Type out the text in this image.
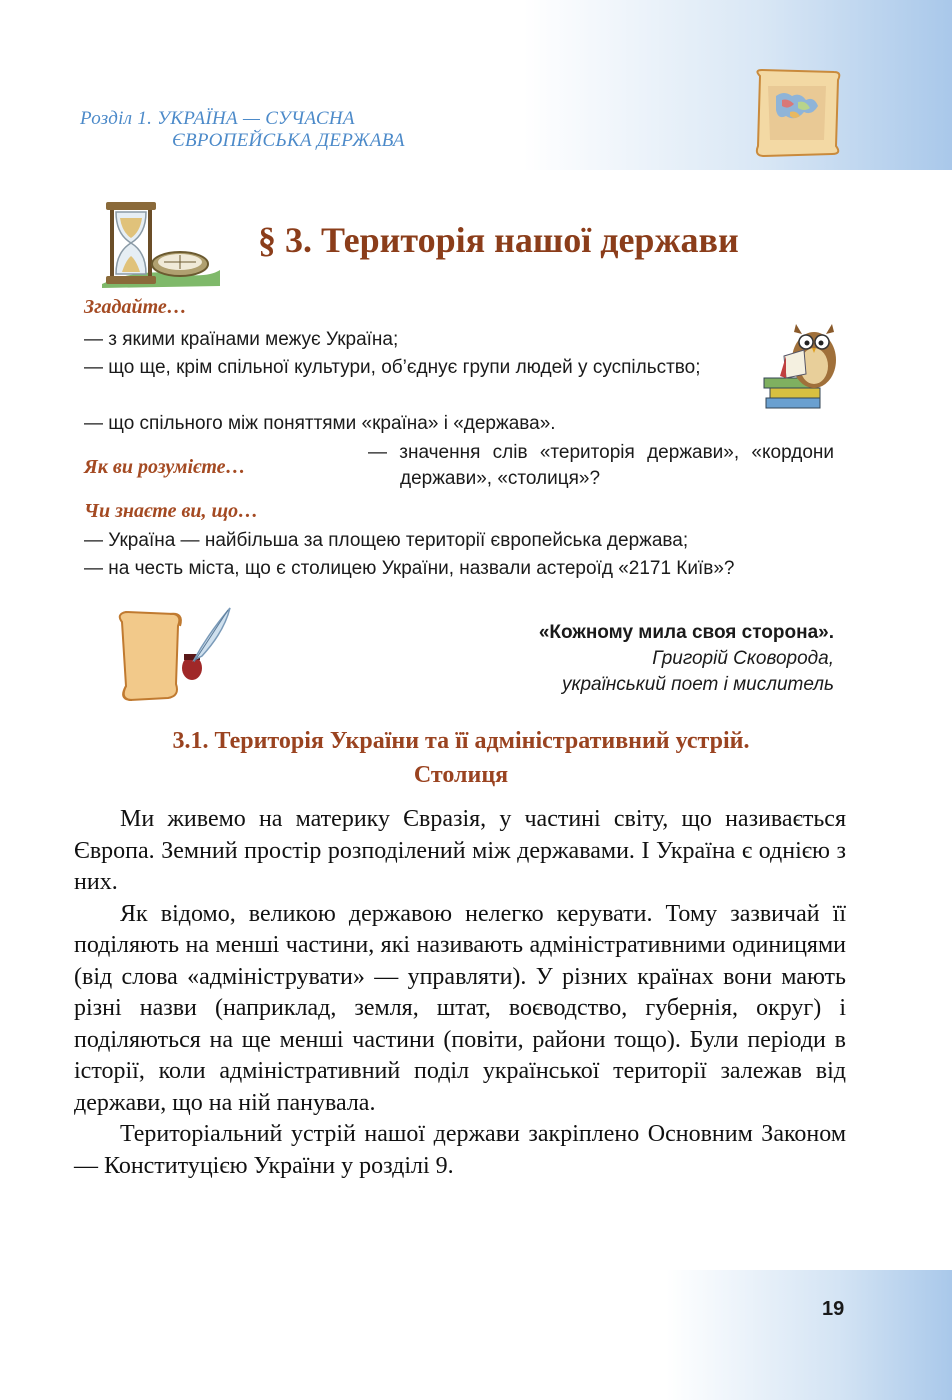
Розділ 1. УКРАЇНА — СУЧАСНА
ЄВРОПЕЙСЬКА ДЕРЖАВА
§ 3. Територія нашої держави
Згадайте…
— з якими країнами межує Україна;
— що ще, крім спільної культури, об’єднує групи людей у суспільство;
— що спільного між поняттями «країна» і «держава».
Як ви розумієте…
— значення слів «територія держави», «кордони держави», «столиця»?
Чи знаєте ви, що…
— Україна — найбільша за площею території європейська держава;
— на честь міста, що є столицею України, назвали астероїд «2171 Київ»?
«Кожному мила своя сторона».
Григорій Сковорода,
український поет і мислитель
3.1. Територія України та її адміністративний устрій.
Столиця

Ми живемо на материку Євразія, у частині світу, що називається Європа. Земний простір розподілений між державами. І Україна є однією з них.

Як відомо, великою державою нелегко керувати. Тому зазвичай її поділяють на менші частини, які називають адміністративними одиницями (від слова «адмініструвати» — управляти). У різних країнах вони мають різні назви (наприклад, земля, штат, воєводство, губернія, округ) і поділяються на ще менші частини (повіти, райони тощо). Були періоди в історії, коли адміністративний поділ української території залежав від держави, що на ній панувала.

Територіальний устрій нашої держави закріплено Основним Законом — Конституцією України у розділі 9.

19
